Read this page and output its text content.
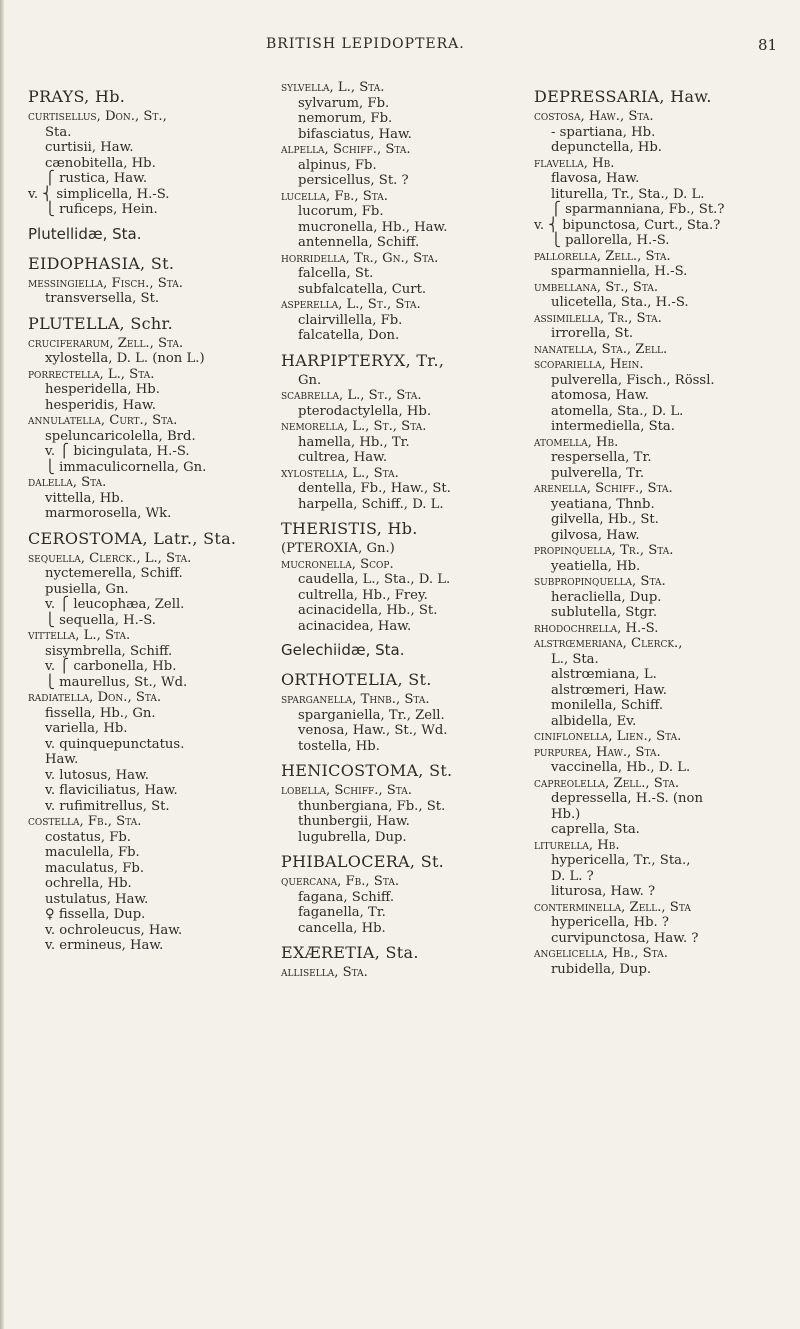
BRITISH LEPIDOPTERA.	81
PRAYS, Hb.
curtisellus, Don., St.,
Sta.
curtisii, Haw.
cænobitella, Hb.
⎧ rustica, Haw.
v. ⎨ simplicella, H.-S.
⎩ ruficeps, Hein.
Plutellidæ, Sta.
EIDOPHASIA, St.
messingiella, Fisch., Sta.
transversella, St.
PLUTELLA, Schr.
cruciferarum, Zell., Sta.
xylostella, D. L. (non L.)
porrectella, L., Sta.
hesperidella, Hb.
hesperidis, Haw.
annulatella, Curt., Sta.
speluncaricolella, Brd.
v. ⎧ bicingulata, H.-S.
⎩ immaculicornella, Gn.
dalella, Sta.
vittella, Hb.
marmorosella, Wk.
CEROSTOMA, Latr., Sta.
sequella, Clerck., L., Sta.
nyctemerella, Schiff.
pusiella, Gn.
v. ⎧ leucophæa, Zell.
⎩ sequella, H.-S.
vittella, L., Sta.
sisymbrella, Schiff.
v. ⎧ carbonella, Hb.
⎩ maurellus, St., Wd.
radiatella, Don., Sta.
fissella, Hb., Gn.
variella, Hb.
v. quinquepunctatus.
Haw.
v. lutosus, Haw.
v. flaviciliatus, Haw.
v. rufimitrellus, St.
costella, Fb., Sta.
costatus, Fb.
maculella, Fb.
maculatus, Fb.
ochrella, Hb.
ustulatus, Haw.
♀ fissella, Dup.
v. ochroleucus, Haw.
v. ermineus, Haw.
sylvella, L., Sta.
sylvarum, Fb.
nemorum, Fb.
bifasciatus, Haw.
alpella, Schiff., Sta.
alpinus, Fb.
persicellus, St. ?
lucella, Fb., Sta.
lucorum, Fb.
mucronella, Hb., Haw.
antennella, Schiff.
horridella, Tr., Gn., Sta.
falcella, St.
subfalcatella, Curt.
asperella, L., St., Sta.
clairvillella, Fb.
falcatella, Don.
HARPIPTERYX, Tr.,
Gn.
scabrella, L., St., Sta.
pterodactylella, Hb.
nemorella, L., St., Sta.
hamella, Hb., Tr.
cultrea, Haw.
xylostella, L., Sta.
dentella, Fb., Haw., St.
harpella, Schiff., D. L.
THERISTIS, Hb.
(PTEROXIA, Gn.)
mucronella, Scop.
caudella, L., Sta., D. L.
cultrella, Hb., Frey.
acinacidella, Hb., St.
acinacidea, Haw.
Gelechiidæ, Sta.
ORTHOTELIA, St.
sparganella, Thnb., Sta.
sparganiella, Tr., Zell.
venosa, Haw., St., Wd.
tostella, Hb.
HENICOSTOMA, St.
lobella, Schiff., Sta.
thunbergiana, Fb., St.
thunbergii, Haw.
lugubrella, Dup.
PHIBALOCERA, St.
quercana, Fb., Sta.
fagana, Schiff.
faganella, Tr.
cancella, Hb.
EXÆRETIA, Sta.
allisella, Sta.
DEPRESSARIA, Haw.
costosa, Haw., Sta.
- spartiana, Hb.
depunctella, Hb.
flavella, Hb.
flavosa, Haw.
liturella, Tr., Sta., D. L.
⎧ sparmanniana, Fb., St.?
v. ⎨ bipunctosa, Curt., Sta.?
⎩ pallorella, H.-S.
pallorella, Zell., Sta.
sparmanniella, H.-S.
umbellana, St., Sta.
ulicetella, Sta., H.-S.
assimilella, Tr., Sta.
irrorella, St.
nanatella, Sta., Zell.
scopariella, Hein.
pulverella, Fisch., Rössl.
atomosa, Haw.
atomella, Sta., D. L.
intermediella, Sta.
atomella, Hb.
respersella, Tr.
pulverella, Tr.
arenella, Schiff., Sta.
yeatiana, Thnb.
gilvella, Hb., St.
gilvosa, Haw.
propinquella, Tr., Sta.
yeatiella, Hb.
subpropinquella, Sta.
heracliella, Dup.
sublutella, Stgr.
rhodochrella, H.-S.
alstrœmeriana, Clerck.,
L., Sta.
alstrœmiana, L.
alstrœmeri, Haw.
monilella, Schiff.
albidella, Ev.
ciniflonella, Lien., Sta.
purpurea, Haw., Sta.
vaccinella, Hb., D. L.
capreolella, Zell., Sta.
depressella, H.-S. (non
Hb.)
caprella, Sta.
liturella, Hb.
hypericella, Tr., Sta.,
D. L. ?
liturosa, Haw. ?
conterminella, Zell., Sta
hypericella, Hb. ?
curvipunctosa, Haw. ?
angelicella, Hb., Sta.
rubidella, Dup.
